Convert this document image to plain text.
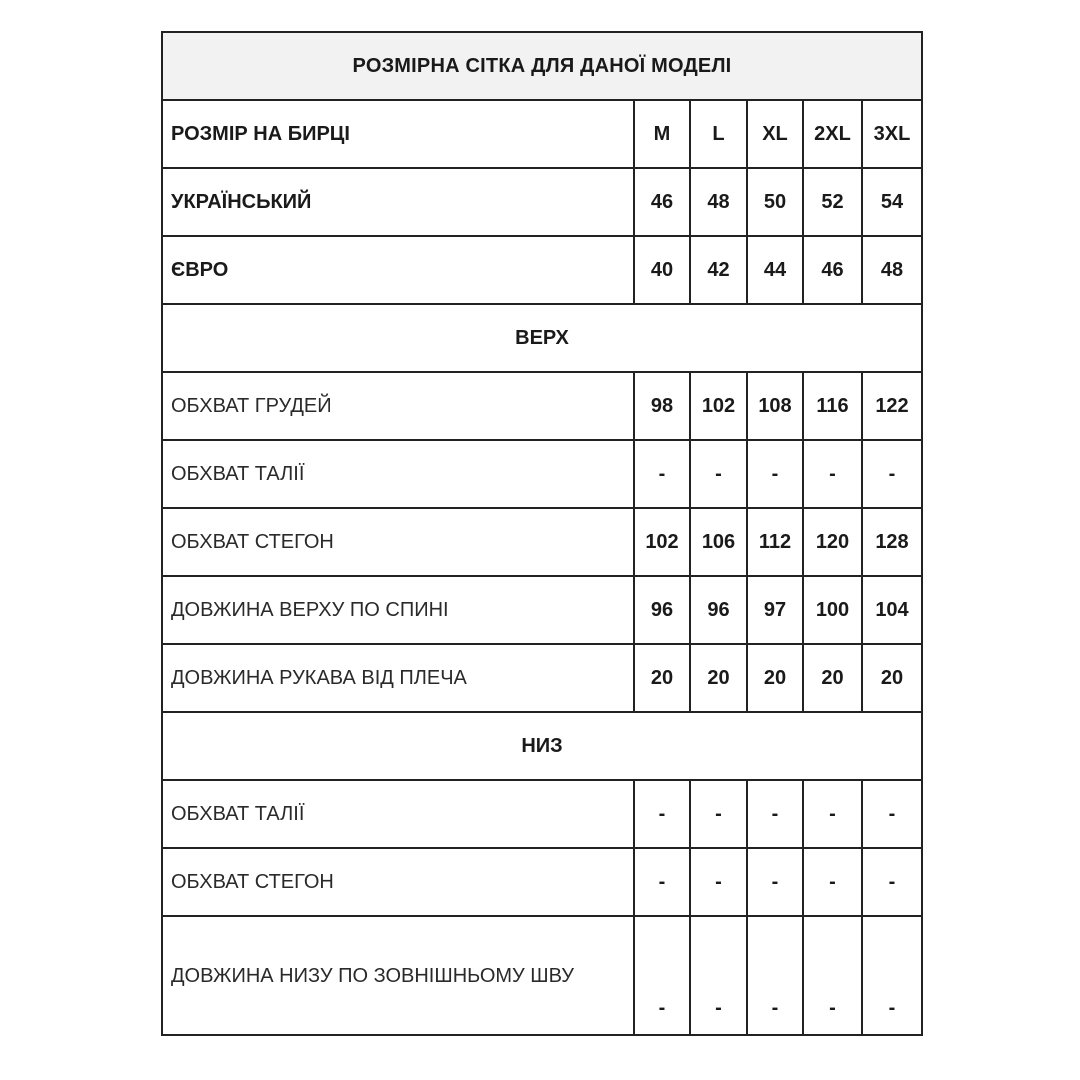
РОЗМІРНА СІТКА ДЛЯ ДАНОЇ МОДЕЛІ					
РОЗМІР НА БИРЦІ	M	L	XL	2XL	3XL
УКРАЇНСЬКИЙ	46	48	50	52	54
ЄВРО	40	42	44	46	48
ВЕРХ					
ОБХВАТ ГРУДЕЙ	98	102	108	116	122
ОБХВАТ ТАЛІЇ	-	-	-	-	-
ОБХВАТ СТЕГОН	102	106	112	120	128
ДОВЖИНА ВЕРХУ ПО СПИНІ	96	96	97	100	104
ДОВЖИНА РУКАВА ВІД ПЛЕЧА	20	20	20	20	20
НИЗ					
ОБХВАТ ТАЛІЇ	-	-	-	-	-
ОБХВАТ СТЕГОН	-	-	-	-	-
ДОВЖИНА НИЗУ ПО ЗОВНІШНЬОМУ ШВУ	-	-	-	-	-
